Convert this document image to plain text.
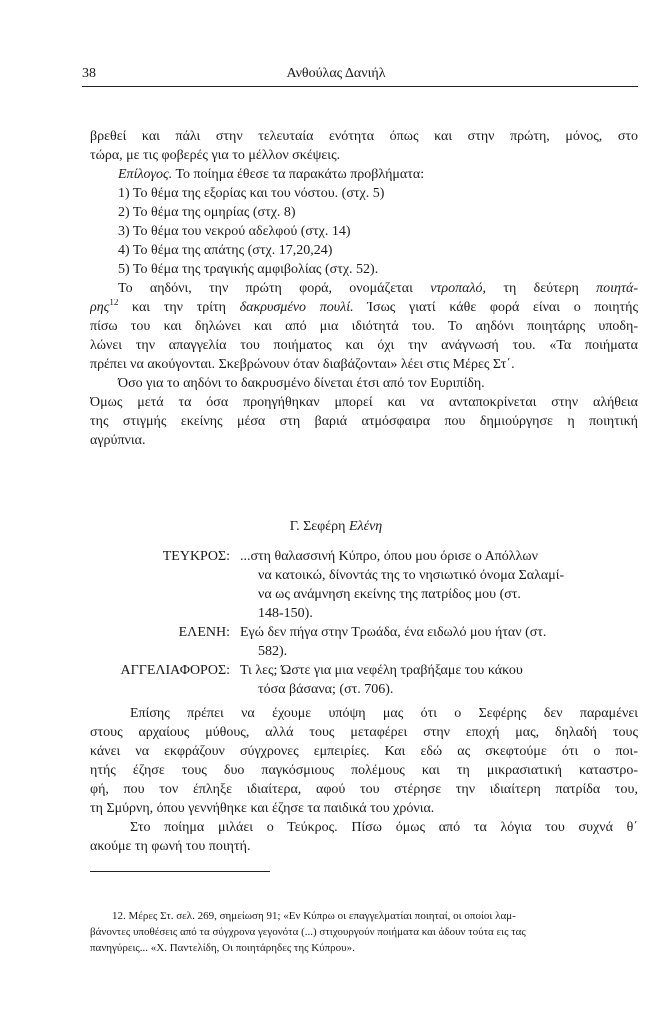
38	Ανθούλας Δανιήλ
βρεθεί και πάλι στην τελευταία ενότητα όπως και στην πρώτη, μόνος, στο
τώρα, με τις φοβερές για το μέλλον σκέψεις.
Επίλογος. Το ποίημα έθεσε τα παρακάτω προβλήματα:
1) Το θέμα της εξορίας και του νόστου. (στχ. 5)
2) Το θέμα της ομηρίας (στχ. 8)
3) Το θέμα του νεκρού αδελφού (στχ. 14)
4) Το θέμα της απάτης (στχ. 17,20,24)
5) Το θέμα της τραγικής αμφιβολίας (στχ. 52).
Το αηδόνι, την πρώτη φορά, ονομάζεται ντροπαλό, τη δεύτερη ποιητά-
ρης$^{12}$ και την τρίτη δακρυσμένο πουλί. Ίσως γιατί κάθε φορά είναι ο ποιητής
πίσω του και δηλώνει και από μια ιδιότητά του. Το αηδόνι ποιητάρης υποδη-
λώνει την απαγγελία του ποιήματος και όχι την ανάγνωσή του. «Τα ποιήματα
πρέπει να ακούγονται. Σκεβρώνουν όταν διαβάζονται» λέει στις Μέρες Στ΄.
Όσο για το αηδόνι το δακρυσμένο δίνεται έτσι από τον Ευριπίδη.
Όμως μετά τα όσα προηγήθηκαν μπορεί και να ανταποκρίνεται στην αλήθεια
της στιγμής εκείνης μέσα στη βαριά ατμόσφαιρα που δημιούργησε η ποιητική
αγρύπνια.
Γ. Σεφέρη Ελένη
ΤΕΥΚΡΟΣ: ...στη θαλασσινή Κύπρο, όπου μου όρισε ο Απόλλων
να κατοικώ, δίνοντάς της το νησιωτικό όνομα Σαλαμί-
να ως ανάμνηση εκείνης της πατρίδος μου (στ.
148-150).
ΕΛΕΝΗ: Εγώ δεν πήγα στην Τρωάδα, ένα ειδωλό μου ήταν (στ.
582).
ΑΓΓΕΛΙΑΦΟΡΟΣ: Τι λες; Ώστε για μια νεφέλη τραβήξαμε του κάκου
τόσα βάσανα; (στ. 706).
Επίσης πρέπει να έχουμε υπόψη μας ότι ο Σεφέρης δεν παραμένει
στους αρχαίους μύθους, αλλά τους μεταφέρει στην εποχή μας, δηλαδή τους
κάνει να εκφράζουν σύγχρονες εμπειρίες. Και εδώ ας σκεφτούμε ότι ο ποι-
ητής έζησε τους δυο παγκόσμιους πολέμους και τη μικρασιατική καταστρο-
φή, που τον έπληξε ιδιαίτερα, αφού του στέρησε την ιδιαίτερη πατρίδα του,
τη Σμύρνη, όπου γεννήθηκε και έζησε τα παιδικά του χρόνια.
Στο ποίημα μιλάει ο Τεύκρος. Πίσω όμως από τα λόγια του συχνά θ΄
ακούμε τη φωνή του ποιητή.
12. Μέρες Στ. σελ. 269, σημείωση 91; «Εν Κύπρω οι επαγγελματίαι ποιηταί, οι οποίοι λαμ-
βάνοντες υποθέσεις από τα σύγχρονα γεγονότα (...) στιχουργούν ποιήματα και άδουν τούτα εις τας
πανηγύρεις... «Χ. Παντελίδη, Οι ποιητάρηδες της Κύπρου».
